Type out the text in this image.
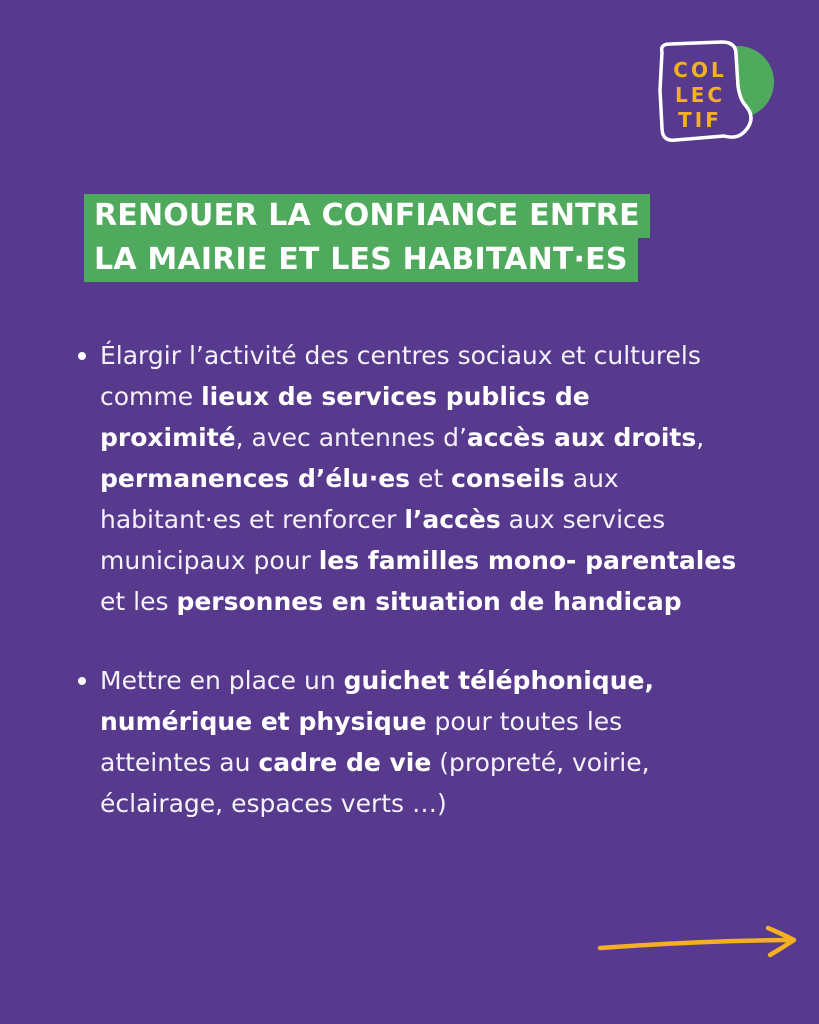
COL
LEC
TIF
RENOUER LA CONFIANCE ENTRE
LA MAIRIE ET LES HABITANT·ES
Élargir l’activité des centres sociaux et culturels comme lieux de services publics de proximité, avec antennes d’accès aux droits, permanences d’élu·es et conseils aux habitant·es et renforcer l’accès aux services municipaux pour les familles mono- parentales et les personnes en situation de handicap
Mettre en place un guichet téléphonique, numérique et physique pour toutes les atteintes au cadre de vie (propreté, voirie, éclairage, espaces verts …)
